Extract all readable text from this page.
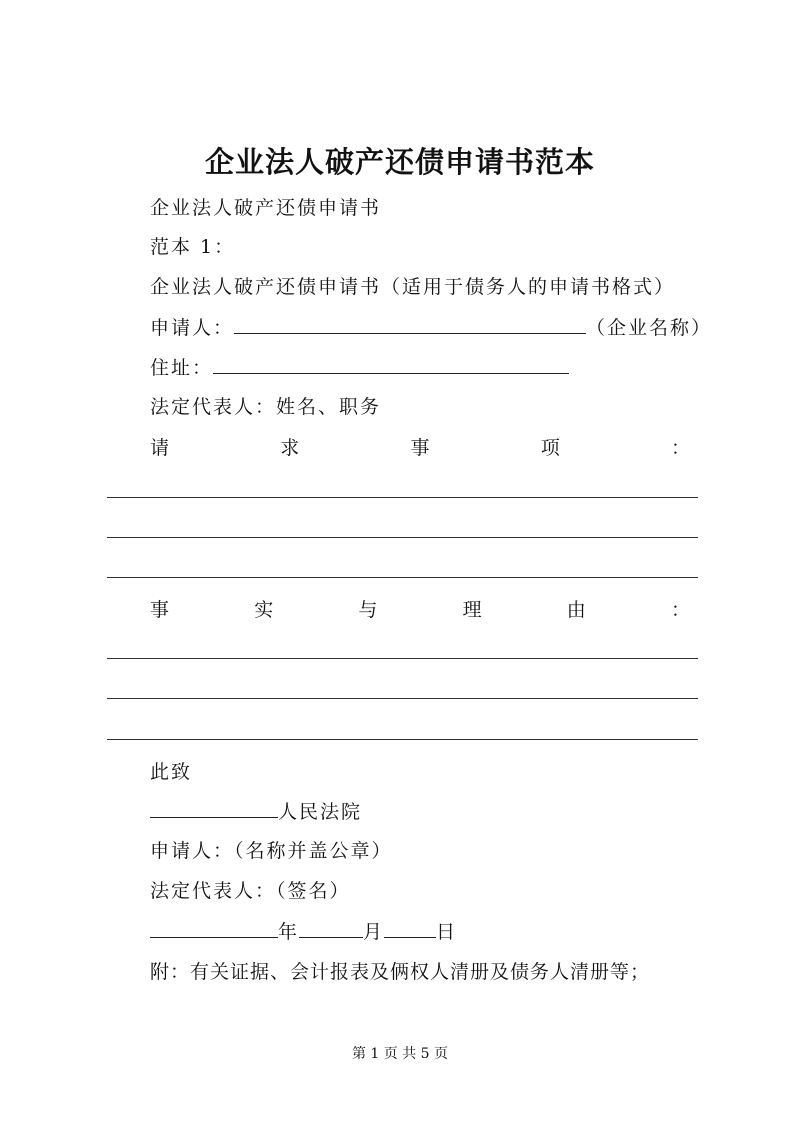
企业法人破产还债申请书范本
企业法人破产还债申请书
范本 1：
企业法人破产还债申请书（适用于债务人的申请书格式）
申请人：	（企业名称）
住址：
法定代表人：姓名、职务
请	求	事	项	：
事	实	与	理	由	：
此致
人民法院
申请人：（名称并盖公章）
法定代表人：（签名）
年	月	日
附：有关证据、会计报表及俩权人清册及债务人清册等；
第 1 页 共 5 页
